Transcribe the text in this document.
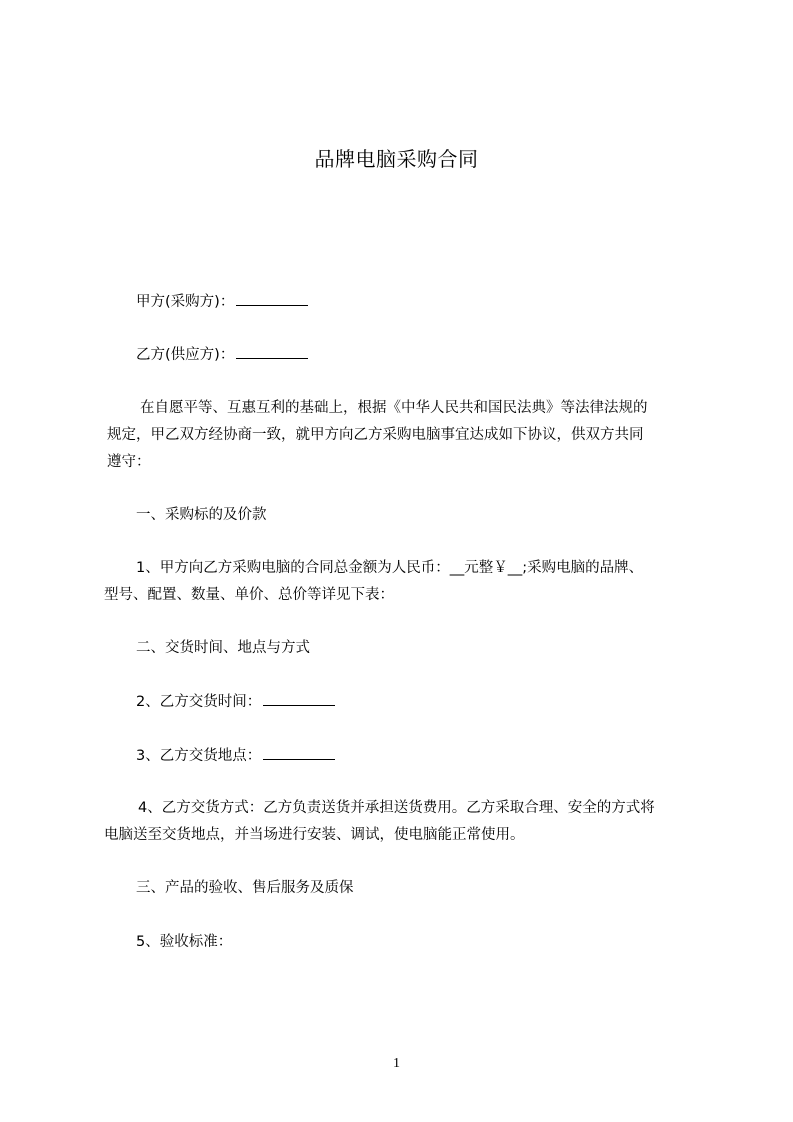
品牌电脑采购合同
甲方(采购方)：
乙方(供应方)：
在自愿平等、互惠互利的基础上，根据《中华人民共和国民法典》等法律法规的
规定，甲乙双方经协商一致，就甲方向乙方采购电脑事宜达成如下协议，供双方共同
遵守：
一、采购标的及价款
1、甲方向乙方采购电脑的合同总金额为人民币：__元整￥__;采购电脑的品牌、
型号、配置、数量、单价、总价等详见下表：
二、交货时间、地点与方式
2、乙方交货时间：
3、乙方交货地点：
4、乙方交货方式：乙方负责送货并承担送货费用。乙方采取合理、安全的方式将
电脑送至交货地点，并当场进行安装、调试，使电脑能正常使用。
三、产品的验收、售后服务及质保
5、验收标准：
1
